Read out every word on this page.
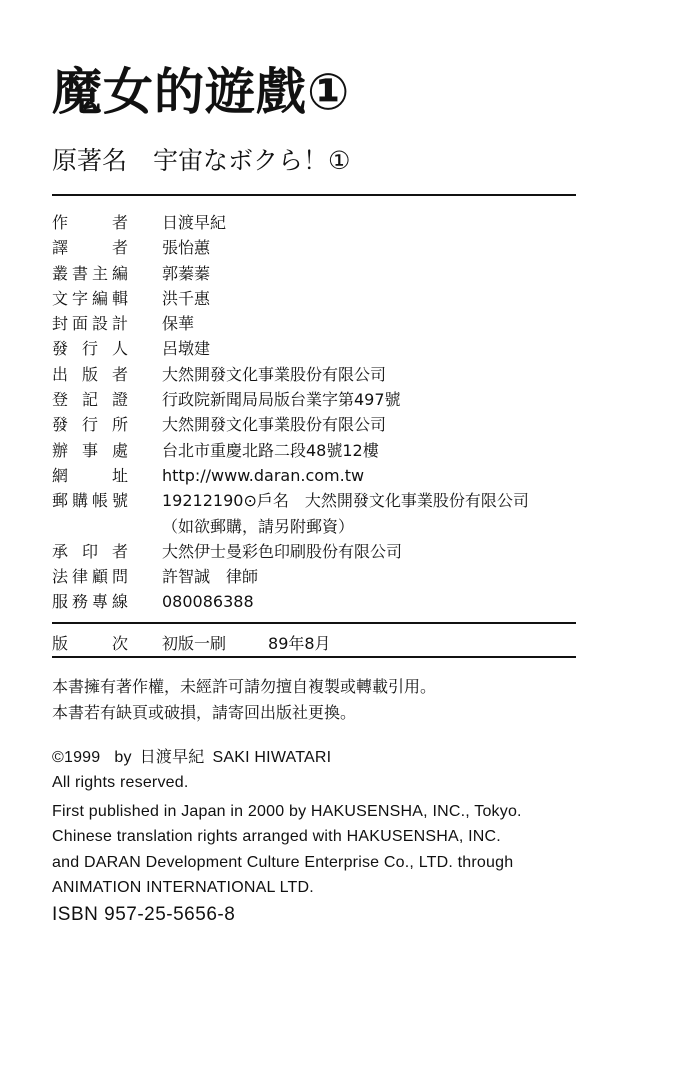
魔女的遊戲①
原著名 宇宙なボクら！①
作	者 日渡早紀
譯	者 張怡蕙
叢 書 主 編 郭蓁蓁
文 字 編 輯 洪千惠
封 面 設 計 保華
發 行 人 呂墩建
出 版 者 大然開發文化事業股份有限公司
登 記 證 行政院新聞局局版台業字第497號
發 行 所 大然開發文化事業股份有限公司
辦 事 處 台北市重慶北路二段48號12樓
網	址 http://www.daran.com.tw
郵 購 帳 號 19212190⊙戶名　大然開發文化事業股份有限公司
（如欲郵購，請另附郵資）
承 印 者 大然伊士曼彩色印刷股份有限公司
法 律 顧 問 許智誠　律師
服 務 專 線 080086388
版	次 初版一刷	89年8月
本書擁有著作權，未經許可請勿擅自複製或轉載引用。
本書若有缺頁或破損，請寄回出版社更換。
©1999 by 日渡早紀 SAKI HIWATARI
All rights reserved.
First published in Japan in 2000 by HAKUSENSHA, INC., Tokyo.
Chinese translation rights arranged with HAKUSENSHA, INC.
and DARAN Development Culture Enterprise Co., LTD. through
ANIMATION INTERNATIONAL LTD.
ISBN 957-25-5656-8
